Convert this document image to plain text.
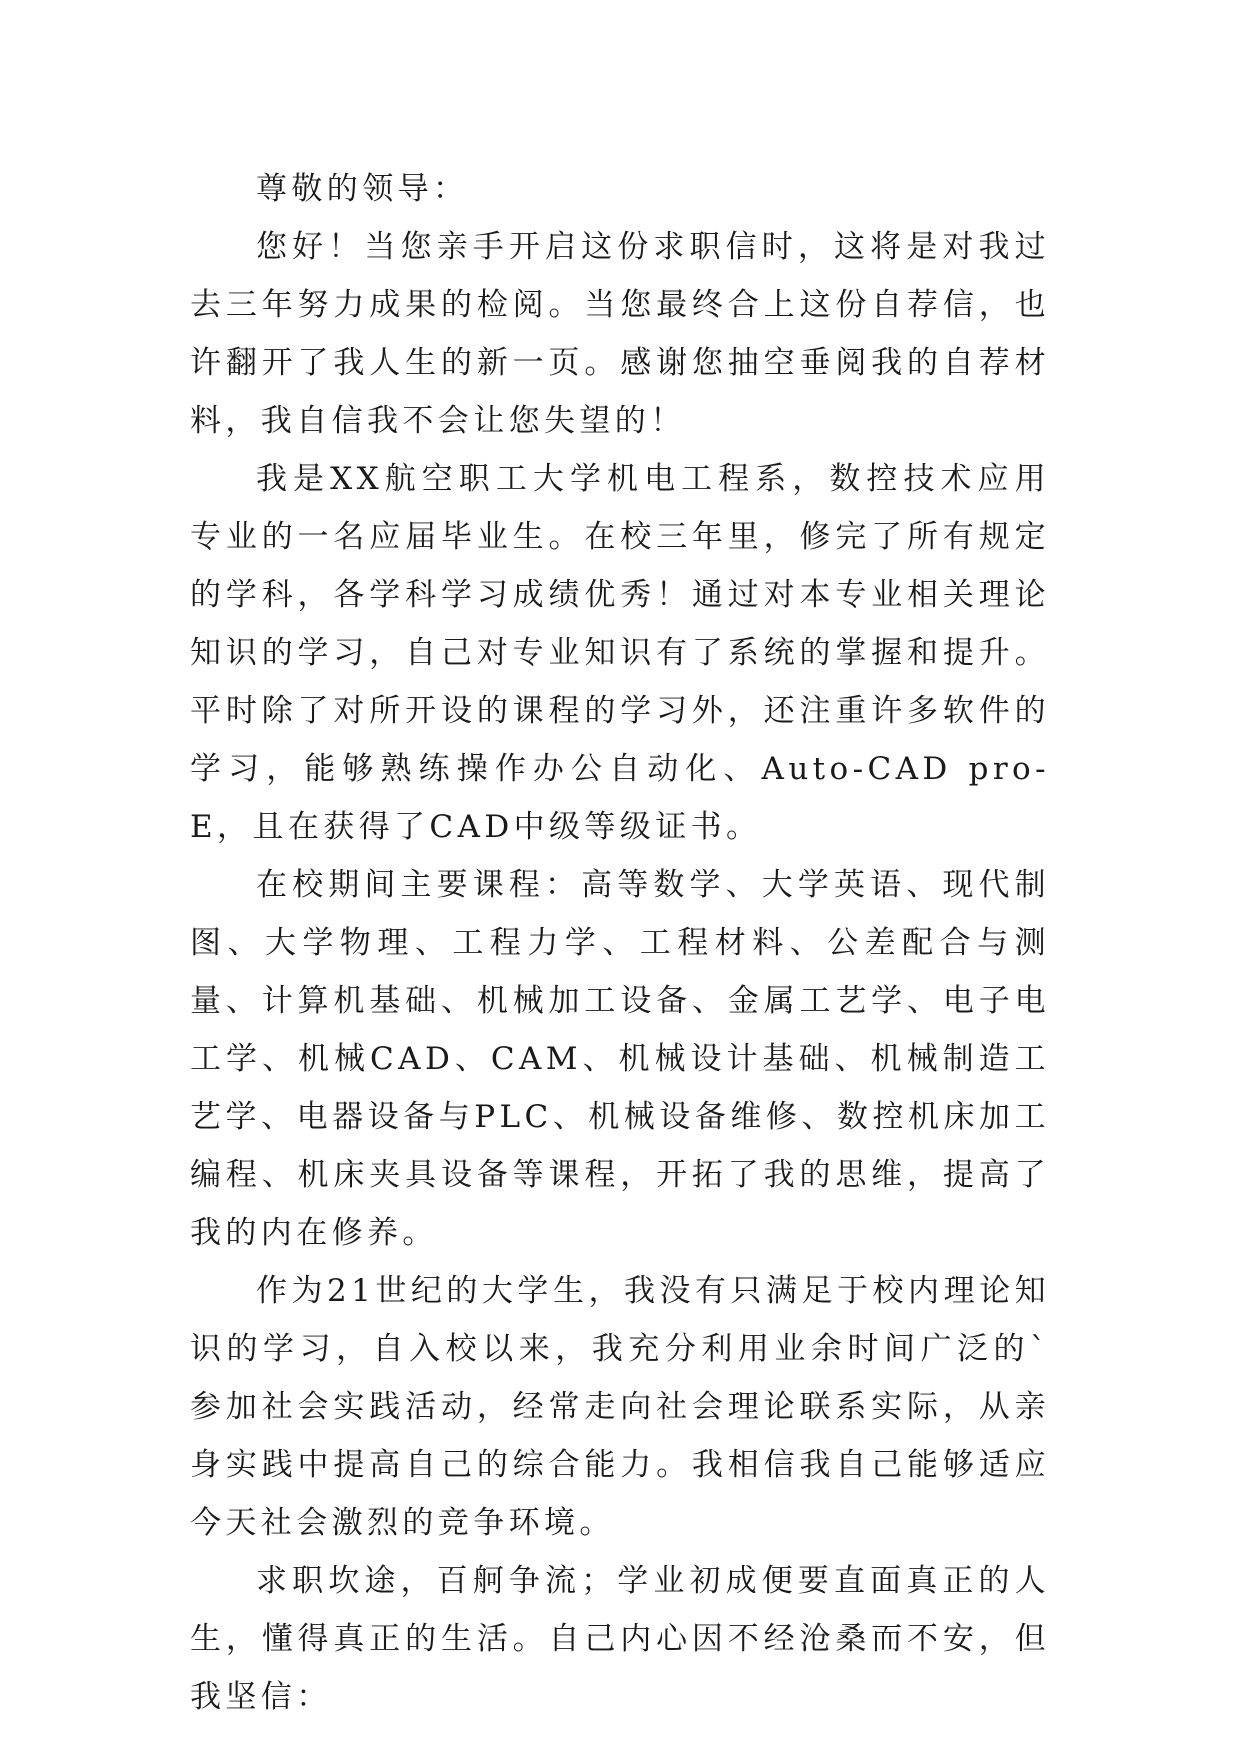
尊敬的领导：

您好！当您亲手开启这份求职信时，这将是对我过去三年努力成果的检阅。当您最终合上这份自荐信，也许翻开了我人生的新一页。感谢您抽空垂阅我的自荐材料，我自信我不会让您失望的！

我是XX航空职工大学机电工程系，数控技术应用专业的一名应届毕业生。在校三年里，修完了所有规定的学科，各学科学习成绩优秀！通过对本专业相关理论知识的学习，自己对专业知识有了系统的掌握和提升。平时除了对所开设的课程的学习外，还注重许多软件的学习，能够熟练操作办公自动化、Auto-CAD pro-E，且在获得了CAD中级等级证书。

在校期间主要课程：高等数学、大学英语、现代制图、大学物理、工程力学、工程材料、公差配合与测量、计算机基础、机械加工设备、金属工艺学、电子电工学、机械CAD、CAM、机械设计基础、机械制造工艺学、电器设备与PLC、机械设备维修、数控机床加工编程、机床夹具设备等课程，开拓了我的思维，提高了我的内在修养。

作为21世纪的大学生，我没有只满足于校内理论知识的学习，自入校以来，我充分利用业余时间广泛的`参加社会实践活动，经常走向社会理论联系实际，从亲身实践中提高自己的综合能力。我相信我自己能够适应今天社会激烈的竞争环境。

求职坎途，百舸争流；学业初成便要直面真正的人生，懂得真正的生活。自己内心因不经沧桑而不安，但我坚信：
